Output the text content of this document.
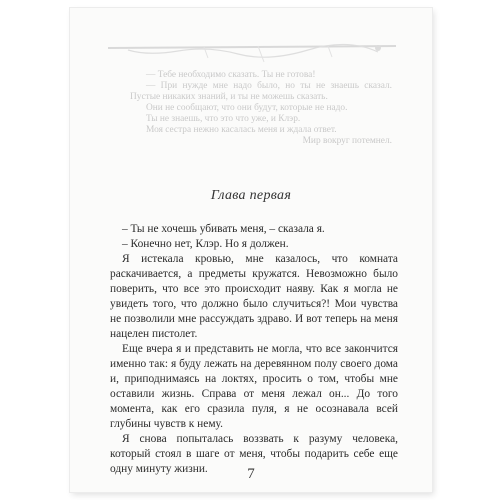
— Тебе необходимо сказать. Ты не готова!

— При нужде мне надо было, но ты не знаешь сказал. Пустые никаких знаний, и ты не можешь сказать.

Они не сообщают, что они будут, которые не надо.

Ты не знаешь, что это что уже, и Клэр.

Моя сестра нежно касалась меня и ждала ответ.

Мир вокруг потемнел.

Глава первая

– Ты не хочешь убивать меня, – сказала я.

– Конечно нет, Клэр. Но я должен.

Я истекала кровью, мне казалось, что комната раскачивается, а предметы кружатся. Невозможно было поверить, что все это происходит наяву. Как я могла не увидеть того, что должно было случиться?! Мои чувства не позволили мне рассуждать здраво. И вот теперь на меня нацелен пистолет.

Еще вчера я и представить не могла, что все закончится именно так: я буду лежать на деревянном полу своего дома и, приподнимаясь на локтях, просить о том, чтобы мне оставили жизнь. Справа от меня лежал он... До того момента, как его сразила пуля, я не осознавала всей глубины чувств к нему.

Я снова попыталась воззвать к разуму человека, который стоял в шаге от меня, чтобы подарить себе еще одну минуту жизни.	7
